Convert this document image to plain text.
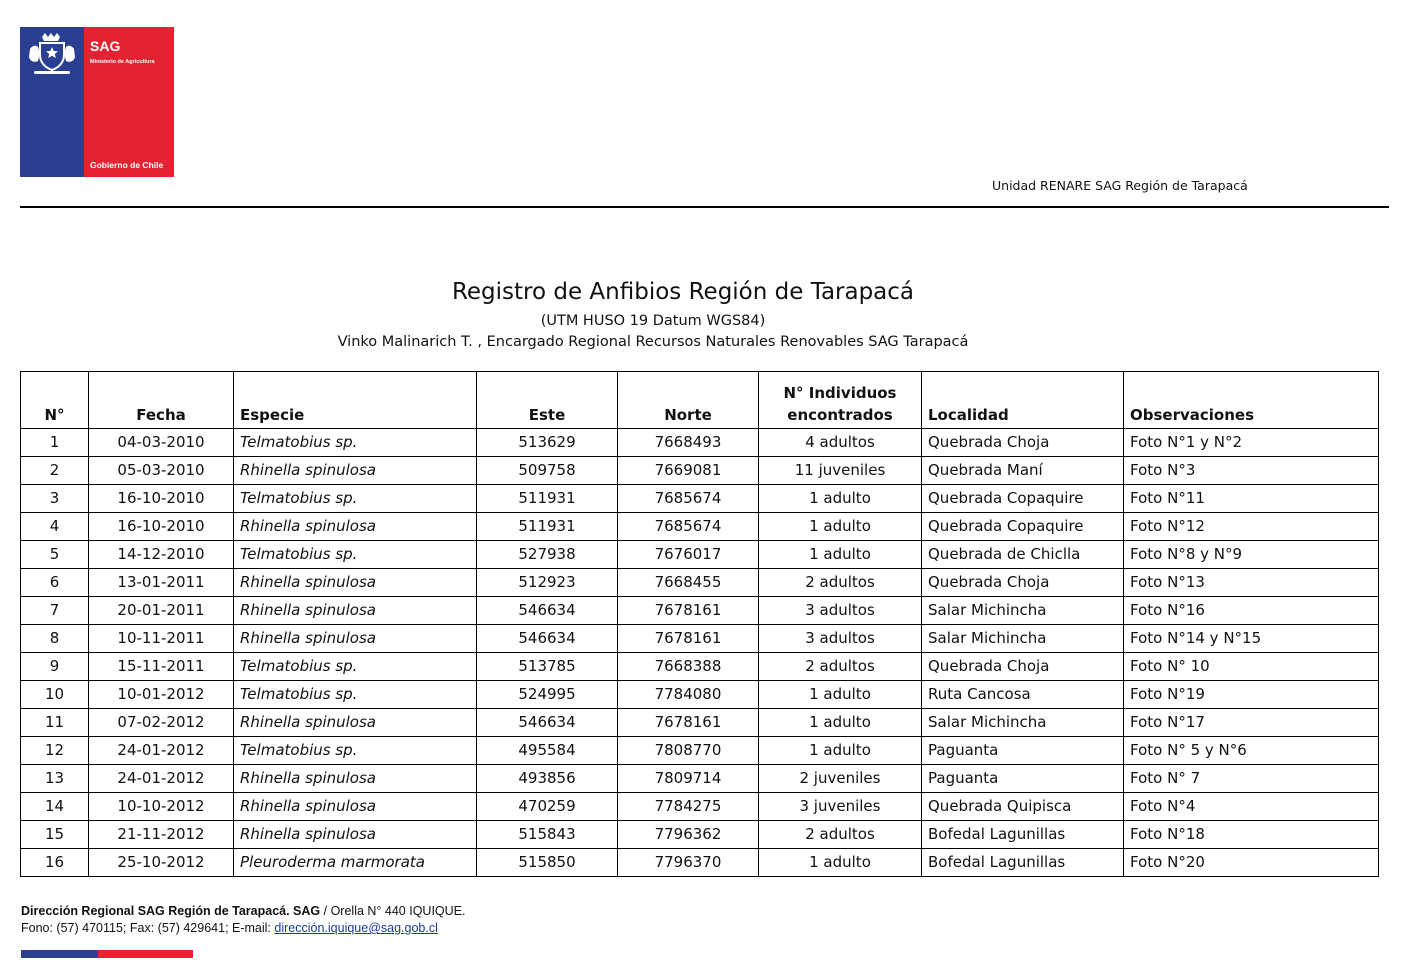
SAG
Ministerio de Agricultura
Gobierno de Chile
Unidad RENARE SAG Región de Tarapacá
Registro de Anfibios Región de Tarapacá
(UTM HUSO 19 Datum WGS84)
Vinko Malinarich T. , Encargado Regional Recursos Naturales Renovables SAG Tarapacá
N°	Fecha	Especie	Este	Norte	N° Individuos
encontrados	Localidad	Observaciones
1	04-03-2010	Telmatobius sp.	513629	7668493	4 adultos	Quebrada Choja	Foto N°1 y N°2
2	05-03-2010	Rhinella spinulosa	509758	7669081	11 juveniles	Quebrada Maní	Foto N°3
3	16-10-2010	Telmatobius sp.	511931	7685674	1 adulto	Quebrada Copaquire	Foto N°11
4	16-10-2010	Rhinella spinulosa	511931	7685674	1 adulto	Quebrada Copaquire	Foto N°12
5	14-12-2010	Telmatobius sp.	527938	7676017	1 adulto	Quebrada de Chiclla	Foto N°8 y N°9
6	13-01-2011	Rhinella spinulosa	512923	7668455	2 adultos	Quebrada Choja	Foto N°13
7	20-01-2011	Rhinella spinulosa	546634	7678161	3 adultos	Salar Michincha	Foto N°16
8	10-11-2011	Rhinella spinulosa	546634	7678161	3 adultos	Salar Michincha	Foto N°14 y N°15
9	15-11-2011	Telmatobius sp.	513785	7668388	2 adultos	Quebrada Choja	Foto N° 10
10	10-01-2012	Telmatobius sp.	524995	7784080	1 adulto	Ruta Cancosa	Foto N°19
11	07-02-2012	Rhinella spinulosa	546634	7678161	1 adulto	Salar Michincha	Foto N°17
12	24-01-2012	Telmatobius sp.	495584	7808770	1 adulto	Paguanta	Foto N° 5 y N°6
13	24-01-2012	Rhinella spinulosa	493856	7809714	2 juveniles	Paguanta	Foto N° 7
14	10-10-2012	Rhinella spinulosa	470259	7784275	3 juveniles	Quebrada Quipisca	Foto N°4
15	21-11-2012	Rhinella spinulosa	515843	7796362	2 adultos	Bofedal Lagunillas	Foto N°18
16	25-10-2012	Pleuroderma marmorata	515850	7796370	1 adulto	Bofedal Lagunillas	Foto N°20
Dirección Regional SAG Región de Tarapacá. SAG / Orella N° 440 IQUIQUE.
Fono: (57) 470115; Fax: (57) 429641; E-mail: dirección.iquique@sag.gob.cl
